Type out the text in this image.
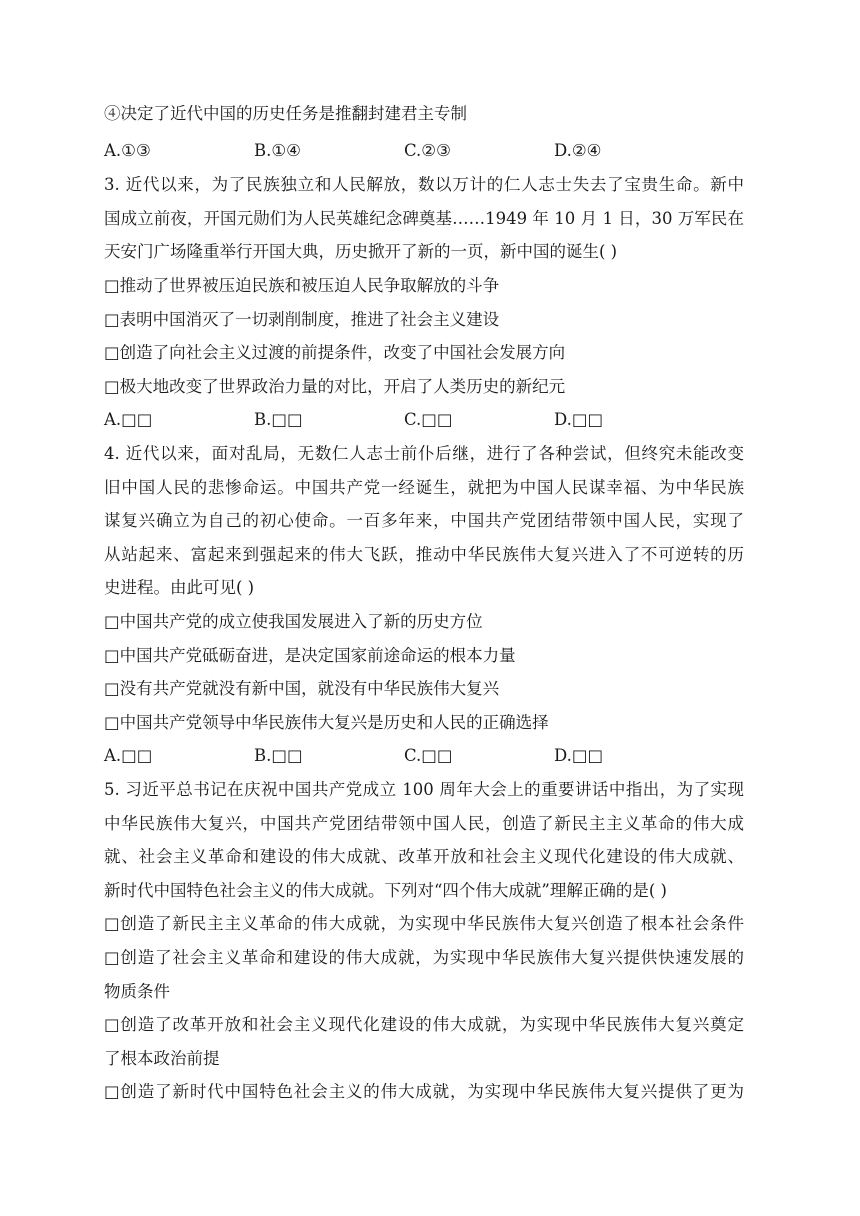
④决定了近代中国的历史任务是推翻封建君主专制
A.①③	B.①④	C.②③	D.②④
3. 近代以来，为了民族独立和人民解放，数以万计的仁人志士失去了宝贵生命。新中
国成立前夜，开国元勋们为人民英雄纪念碑奠基……1949 年 10 月 1 日，30 万军民在
天安门广场隆重举行开国大典，历史掀开了新的一页，新中国的诞生( )
□推动了世界被压迫民族和被压迫人民争取解放的斗争
□表明中国消灭了一切剥削制度，推进了社会主义建设
□创造了向社会主义过渡的前提条件，改变了中国社会发展方向
□极大地改变了世界政治力量的对比，开启了人类历史的新纪元
A.□□	B.□□	C.□□	D.□□
4. 近代以来，面对乱局，无数仁人志士前仆后继，进行了各种尝试，但终究未能改变
旧中国人民的悲惨命运。中国共产党一经诞生，就把为中国人民谋幸福、为中华民族
谋复兴确立为自己的初心使命。一百多年来，中国共产党团结带领中国人民，实现了
从站起来、富起来到强起来的伟大飞跃，推动中华民族伟大复兴进入了不可逆转的历
史进程。由此可见( )
□中国共产党的成立使我国发展进入了新的历史方位
□中国共产党砥砺奋进，是决定国家前途命运的根本力量
□没有共产党就没有新中国，就没有中华民族伟大复兴
□中国共产党领导中华民族伟大复兴是历史和人民的正确选择
A.□□	B.□□	C.□□	D.□□
5. 习近平总书记在庆祝中国共产党成立 100 周年大会上的重要讲话中指出，为了实现
中华民族伟大复兴，中国共产党团结带领中国人民，创造了新民主主义革命的伟大成
就、社会主义革命和建设的伟大成就、改革开放和社会主义现代化建设的伟大成就、
新时代中国特色社会主义的伟大成就。下列对“四个伟大成就”理解正确的是( )
□创造了新民主主义革命的伟大成就，为实现中华民族伟大复兴创造了根本社会条件
□创造了社会主义革命和建设的伟大成就，为实现中华民族伟大复兴提供快速发展的
物质条件
□创造了改革开放和社会主义现代化建设的伟大成就，为实现中华民族伟大复兴奠定
了根本政治前提
□创造了新时代中国特色社会主义的伟大成就，为实现中华民族伟大复兴提供了更为
